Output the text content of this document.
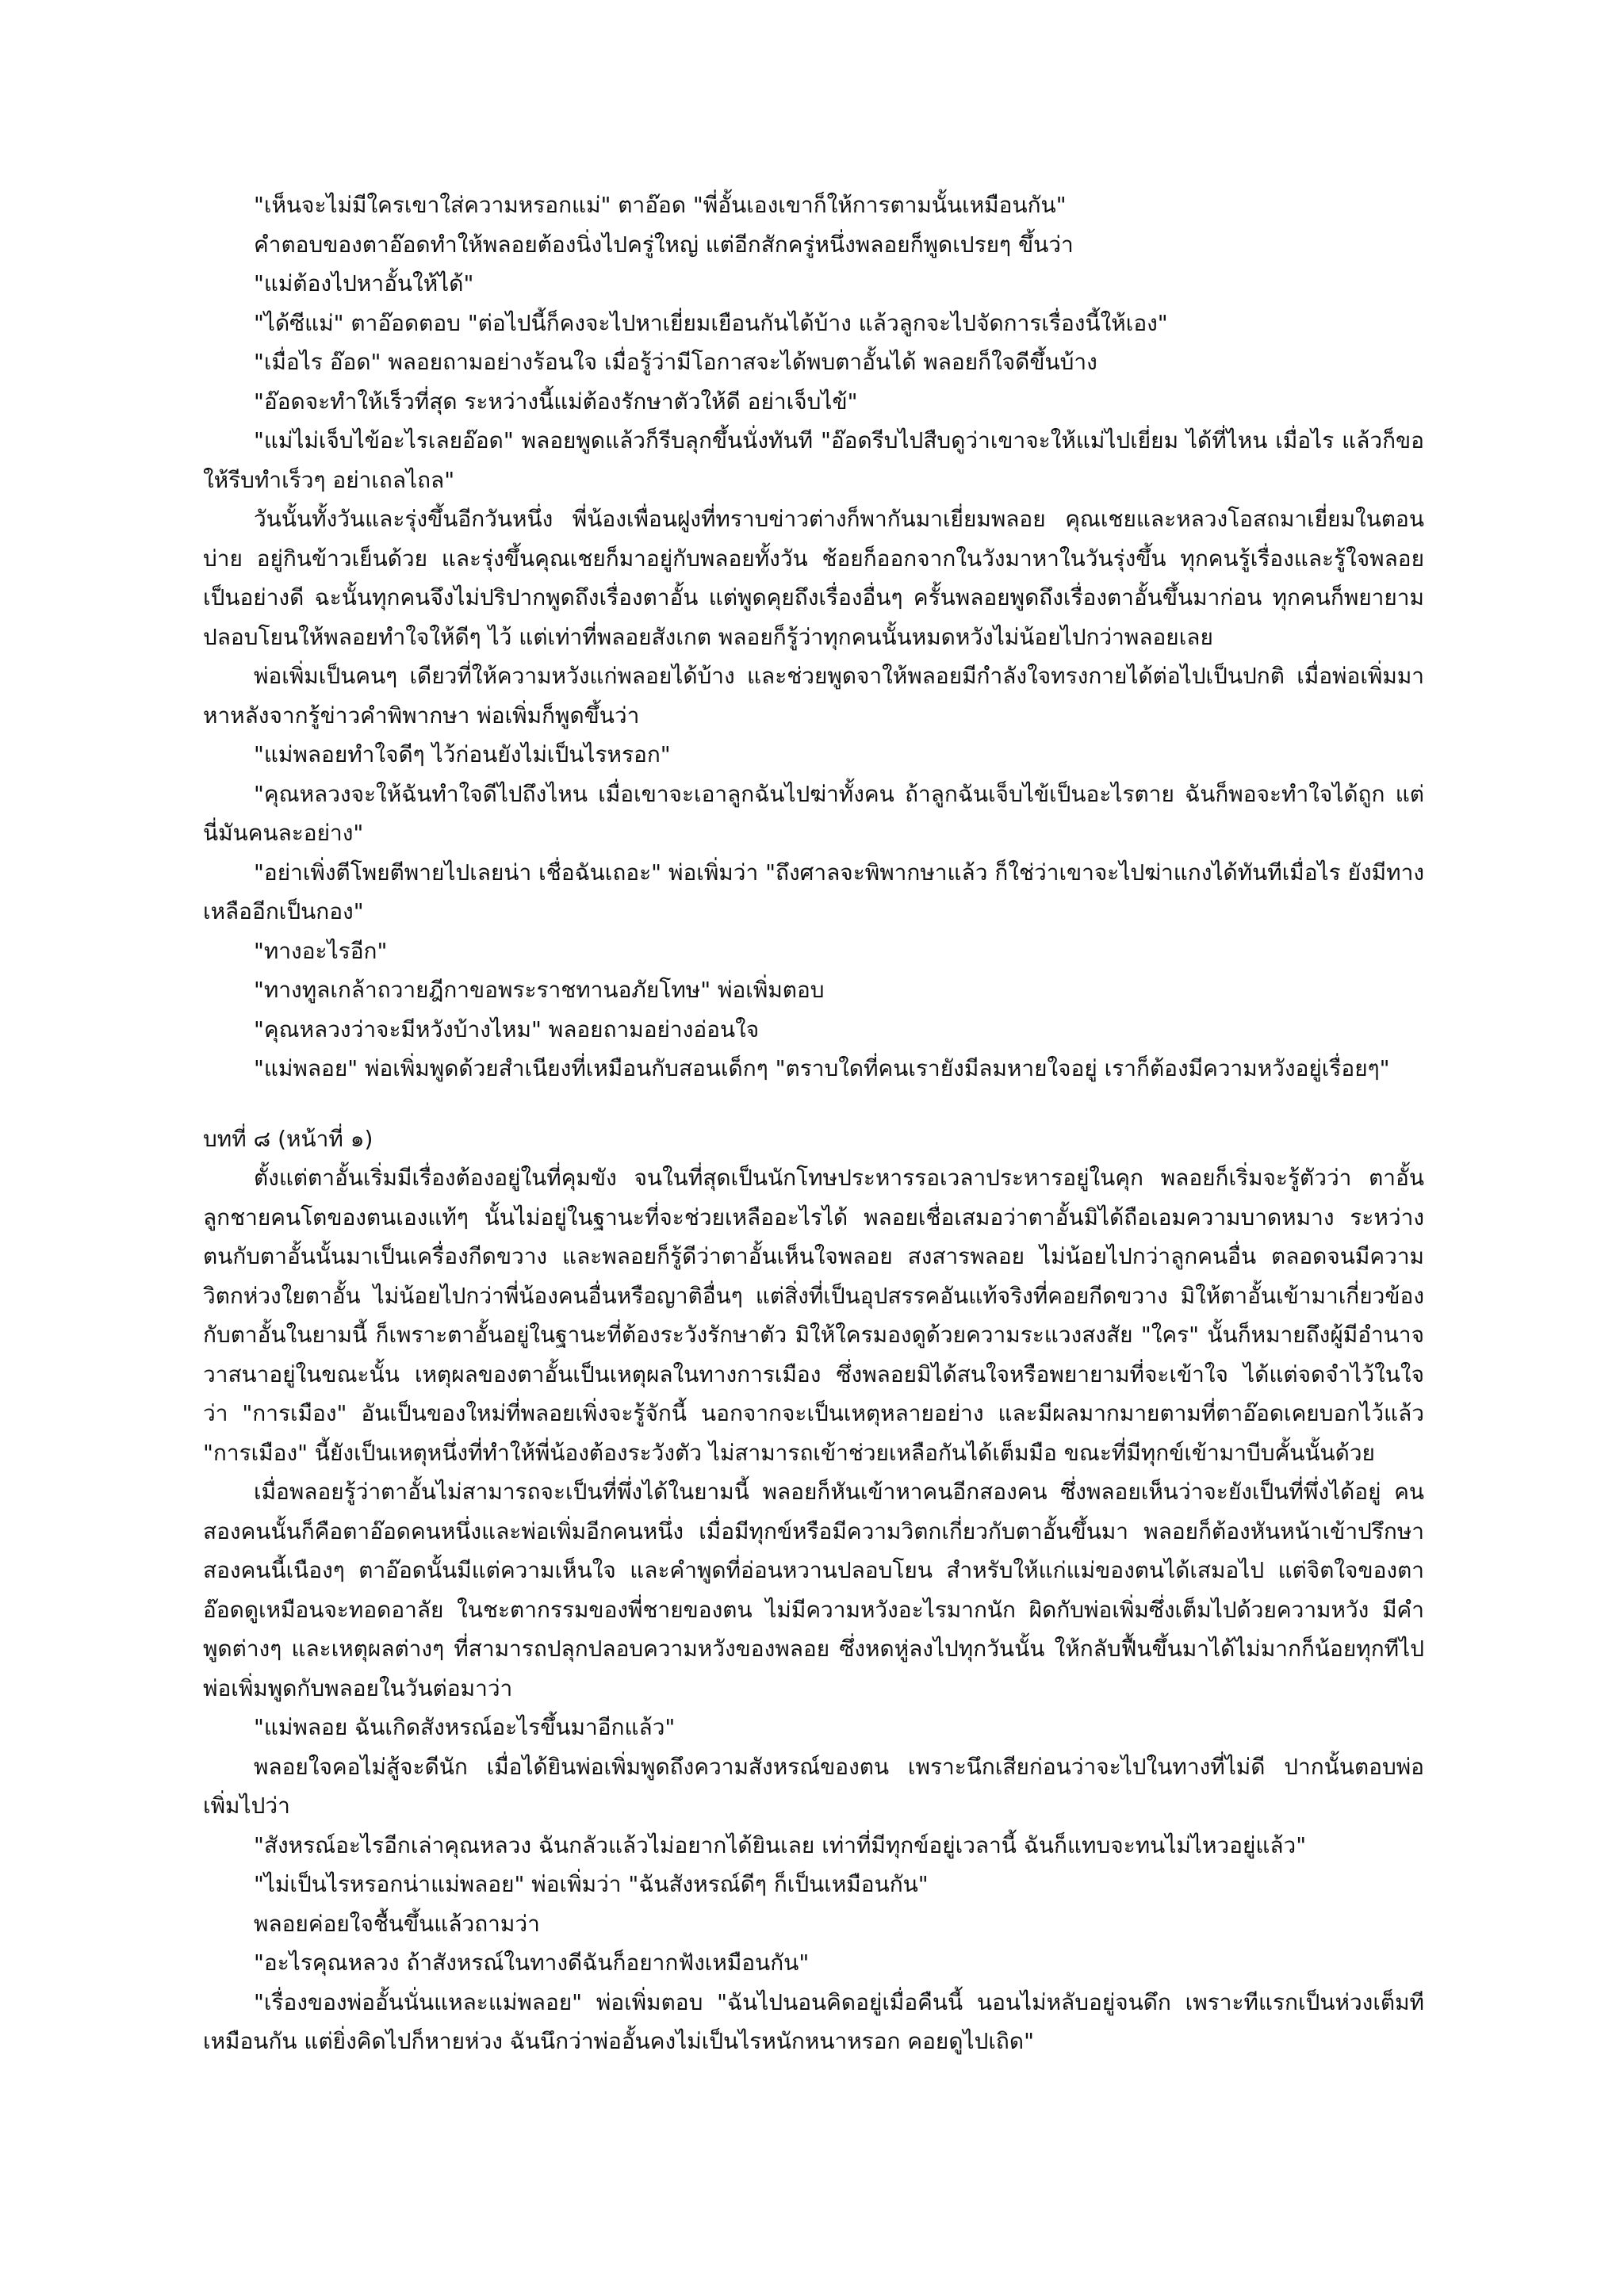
"เห็นจะไม่มีใครเขาใส่ความหรอกแม่" ตาอ๊อด "พี่อั้นเองเขาก็ให้การตามนั้นเหมือนกัน"

คำตอบของตาอ๊อดทำให้พลอยต้องนิ่งไปครู่ใหญ่ แต่อีกสักครู่หนึ่งพลอยก็พูดเปรยๆ ขึ้นว่า

"แม่ต้องไปหาอั้นให้ได้"

"ได้ซีแม่" ตาอ๊อดตอบ "ต่อไปนี้ก็คงจะไปหาเยี่ยมเยือนกันได้บ้าง แล้วลูกจะไปจัดการเรื่องนี้ให้เอง"

"เมื่อไร อ๊อด" พลอยถามอย่างร้อนใจ เมื่อรู้ว่ามีโอกาสจะได้พบตาอั้นได้ พลอยก็ใจดีขึ้นบ้าง

"อ๊อดจะทำให้เร็วที่สุด ระหว่างนี้แม่ต้องรักษาตัวให้ดี อย่าเจ็บไข้"

"แม่ไม่เจ็บไข้อะไรเลยอ๊อด" พลอยพูดแล้วก็รีบลุกขึ้นนั่งทันที "อ๊อดรีบไปสืบดูว่าเขาจะให้แม่ไปเยี่ยม ได้ที่ไหน เมื่อไร แล้วก็ขอให้รีบทำเร็วๆ อย่าเถลไถล"

วันนั้นทั้งวันและรุ่งขึ้นอีกวันหนึ่ง พี่น้องเพื่อนฝูงที่ทราบข่าวต่างก็พากันมาเยี่ยมพลอย คุณเชยและหลวงโอสถมาเยี่ยมในตอนบ่าย อยู่กินข้าวเย็นด้วย และรุ่งขึ้นคุณเชยก็มาอยู่กับพลอยทั้งวัน ช้อยก็ออกจากในวังมาหาในวันรุ่งขึ้น ทุกคนรู้เรื่องและรู้ใจพลอยเป็นอย่างดี ฉะนั้นทุกคนจึงไม่ปริปากพูดถึงเรื่องตาอั้น แต่พูดคุยถึงเรื่องอื่นๆ ครั้นพลอยพูดถึงเรื่องตาอั้นขึ้นมาก่อน ทุกคนก็พยายามปลอบโยนให้พลอยทำใจให้ดีๆ ไว้ แต่เท่าที่พลอยสังเกต พลอยก็รู้ว่าทุกคนนั้นหมดหวังไม่น้อยไปกว่าพลอยเลย

พ่อเพิ่มเป็นคนๆ เดียวที่ให้ความหวังแก่พลอยได้บ้าง และช่วยพูดจาให้พลอยมีกำลังใจทรงกายได้ต่อไปเป็นปกติ เมื่อพ่อเพิ่มมาหาหลังจากรู้ข่าวคำพิพากษา พ่อเพิ่มก็พูดขึ้นว่า

"แม่พลอยทำใจดีๆ ไว้ก่อนยังไม่เป็นไรหรอก"

"คุณหลวงจะให้ฉันทำใจดีไปถึงไหน เมื่อเขาจะเอาลูกฉันไปฆ่าทั้งคน ถ้าลูกฉันเจ็บไข้เป็นอะไรตาย ฉันก็พอจะทำใจได้ถูก แต่นี่มันคนละอย่าง"

"อย่าเพิ่งตีโพยตีพายไปเลยน่า เชื่อฉันเถอะ" พ่อเพิ่มว่า "ถึงศาลจะพิพากษาแล้ว ก็ใช่ว่าเขาจะไปฆ่าแกงได้ทันทีเมื่อไร ยังมีทางเหลืออีกเป็นกอง"

"ทางอะไรอีก"

"ทางทูลเกล้าถวายฎีกาขอพระราชทานอภัยโทษ" พ่อเพิ่มตอบ

"คุณหลวงว่าจะมีหวังบ้างไหม" พลอยถามอย่างอ่อนใจ

"แม่พลอย" พ่อเพิ่มพูดด้วยสำเนียงที่เหมือนกับสอนเด็กๆ "ตราบใดที่คนเรายังมีลมหายใจอยู่ เราก็ต้องมีความหวังอยู่เรื่อยๆ"

บทที่ ๘ (หน้าที่ ๑)

ตั้งแต่ตาอั้นเริ่มมีเรื่องต้องอยู่ในที่คุมขัง จนในที่สุดเป็นนักโทษประหารรอเวลาประหารอยู่ในคุก พลอยก็เริ่มจะรู้ตัวว่า ตาอั้นลูกชายคนโตของตนเองแท้ๆ นั้นไม่อยู่ในฐานะที่จะช่วยเหลืออะไรได้ พลอยเชื่อเสมอว่าตาอั้นมิได้ถือเอมความบาดหมาง ระหว่างตนกับตาอั้นนั้นมาเป็นเครื่องกีดขวาง และพลอยก็รู้ดีว่าตาอั้นเห็นใจพลอย สงสารพลอย ไม่น้อยไปกว่าลูกคนอื่น ตลอดจนมีความวิตกห่วงใยตาอั้น ไม่น้อยไปกว่าพี่น้องคนอื่นหรือญาติอื่นๆ แต่สิ่งที่เป็นอุปสรรคอันแท้จริงที่คอยกีดขวาง มิให้ตาอั้นเข้ามาเกี่ยวข้องกับตาอั้นในยามนี้ ก็เพราะตาอั้นอยู่ในฐานะที่ต้องระวังรักษาตัว มิให้ใครมองดูด้วยความระแวงสงสัย "ใคร" นั้นก็หมายถึงผู้มีอำนาจวาสนาอยู่ในขณะนั้น เหตุผลของตาอั้นเป็นเหตุผลในทางการเมือง ซึ่งพลอยมิได้สนใจหรือพยายามที่จะเข้าใจ ได้แต่จดจำไว้ในใจว่า "การเมือง" อันเป็นของใหม่ที่พลอยเพิ่งจะรู้จักนี้ นอกจากจะเป็นเหตุหลายอย่าง และมีผลมากมายตามที่ตาอ๊อดเคยบอกไว้แล้ว "การเมือง" นี้ยังเป็นเหตุหนึ่งที่ทำให้พี่น้องต้องระวังตัว ไม่สามารถเข้าช่วยเหลือกันได้เต็มมือ ขณะที่มีทุกข์เข้ามาบีบคั้นนั้นด้วย

เมื่อพลอยรู้ว่าตาอั้นไม่สามารถจะเป็นที่พึ่งได้ในยามนี้ พลอยก็หันเข้าหาคนอีกสองคน ซึ่งพลอยเห็นว่าจะยังเป็นที่พึ่งได้อยู่ คนสองคนนั้นก็คือตาอ๊อดคนหนึ่งและพ่อเพิ่มอีกคนหนึ่ง เมื่อมีทุกข์หรือมีความวิตกเกี่ยวกับตาอั้นขึ้นมา พลอยก็ต้องหันหน้าเข้าปรึกษาสองคนนี้เนืองๆ ตาอ๊อดนั้นมีแต่ความเห็นใจ และคำพูดที่อ่อนหวานปลอบโยน สำหรับให้แก่แม่ของตนได้เสมอไป แต่จิตใจของตาอ๊อดดูเหมือนจะทอดอาลัย ในชะตากรรมของพี่ชายของตน ไม่มีความหวังอะไรมากนัก ผิดกับพ่อเพิ่มซึ่งเต็มไปด้วยความหวัง มีคำพูดต่างๆ และเหตุผลต่างๆ ที่สามารถปลุกปลอบความหวังของพลอย ซึ่งหดหู่ลงไปทุกวันนั้น ให้กลับฟื้นขึ้นมาได้ไม่มากก็น้อยทุกทีไป พ่อเพิ่มพูดกับพลอยในวันต่อมาว่า

"แม่พลอย ฉันเกิดสังหรณ์อะไรขึ้นมาอีกแล้ว"

พลอยใจคอไม่สู้จะดีนัก เมื่อได้ยินพ่อเพิ่มพูดถึงความสังหรณ์ของตน เพราะนึกเสียก่อนว่าจะไปในทางที่ไม่ดี ปากนั้นตอบพ่อเพิ่มไปว่า

"สังหรณ์อะไรอีกเล่าคุณหลวง ฉันกลัวแล้วไม่อยากได้ยินเลย เท่าที่มีทุกข์อยู่เวลานี้ ฉันก็แทบจะทนไม่ไหวอยู่แล้ว"

"ไม่เป็นไรหรอกน่าแม่พลอย" พ่อเพิ่มว่า "ฉันสังหรณ์ดีๆ ก็เป็นเหมือนกัน"

พลอยค่อยใจชื้นขึ้นแล้วถามว่า

"อะไรคุณหลวง ถ้าสังหรณ์ในทางดีฉันก็อยากฟังเหมือนกัน"

"เรื่องของพ่ออั้นนั่นแหละแม่พลอย" พ่อเพิ่มตอบ "ฉันไปนอนคิดอยู่เมื่อคืนนี้ นอนไม่หลับอยู่จนดึก เพราะทีแรกเป็นห่วงเต็มทีเหมือนกัน แต่ยิ่งคิดไปก็หายห่วง ฉันนึกว่าพ่ออั้นคงไม่เป็นไรหนักหนาหรอก คอยดูไปเถิด"
